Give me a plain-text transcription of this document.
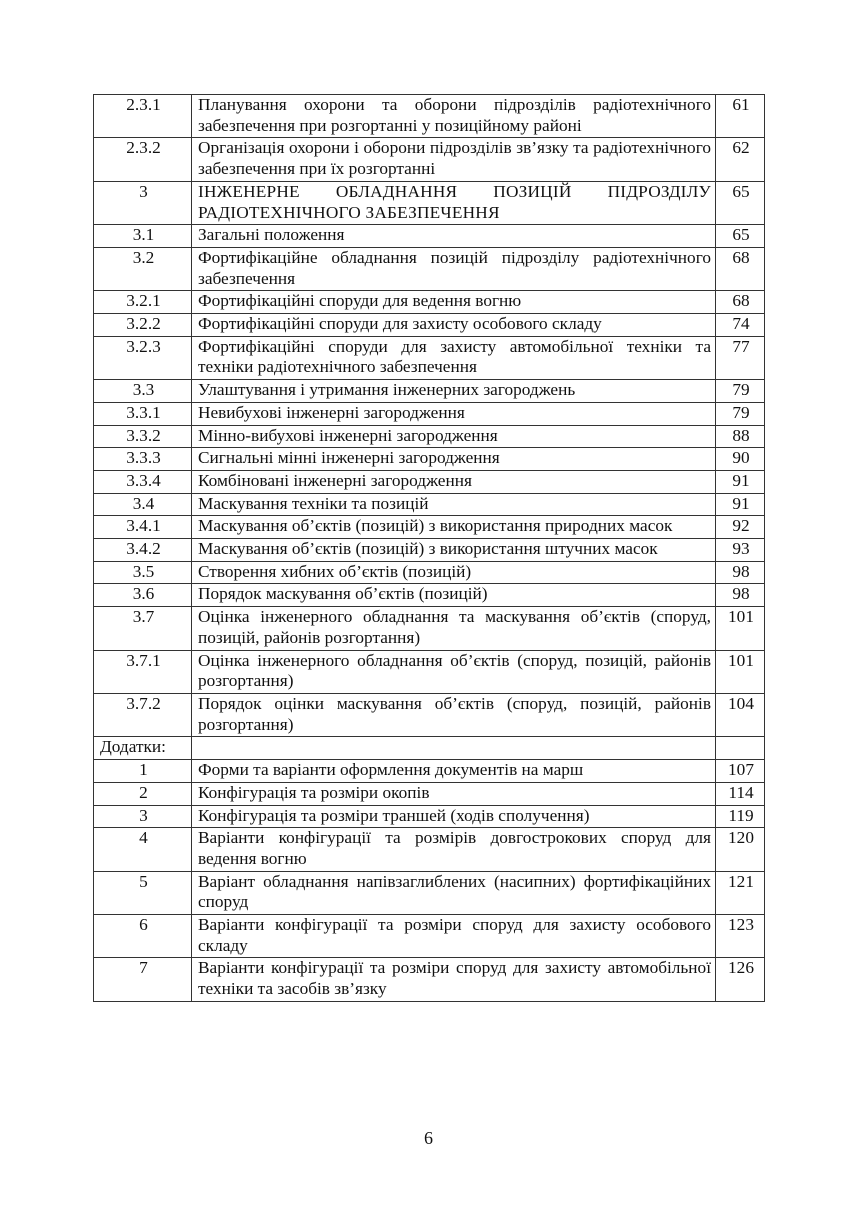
2.3.1	Планування охорони та оборони підрозділів радіотехнічного забезпечення при розгортанні у позиційному районі	61
2.3.2	Організація охорони і оборони підрозділів зв’язку та радіотехнічного забезпечення при їх розгортанні	62
3	ІНЖЕНЕРНЕ ОБЛАДНАННЯ ПОЗИЦІЙ ПІДРОЗДІЛУ РАДІОТЕХНІЧНОГО ЗАБЕЗПЕЧЕННЯ	65
3.1	Загальні положення	65
3.2	Фортифікаційне обладнання позицій підрозділу радіотехнічного забезпечення	68
3.2.1	Фортифікаційні споруди для ведення вогню	68
3.2.2	Фортифікаційні споруди для захисту особового складу	74
3.2.3	Фортифікаційні споруди для захисту автомобільної техніки та техніки радіотехнічного забезпечення	77
3.3	Улаштування і утримання інженерних загороджень	79
3.3.1	Невибухові інженерні загородження	79
3.3.2	Мінно-вибухові інженерні загородження	88
3.3.3	Сигнальні мінні інженерні загородження	90
3.3.4	Комбіновані інженерні загородження	91
3.4	Маскування техніки та позицій	91
3.4.1	Маскування об’єктів (позицій) з використання природних масок	92
3.4.2	Маскування об’єктів (позицій) з використання штучних масок	93
3.5	Створення хибних об’єктів (позицій)	98
3.6	Порядок маскування об’єктів (позицій)	98
3.7	Оцінка інженерного обладнання та маскування об’єктів (споруд, позицій, районів розгортання)	101
3.7.1	Оцінка інженерного обладнання об’єктів (споруд, позицій, районів розгортання)	101
3.7.2	Порядок оцінки маскування об’єктів (споруд, позицій, районів розгортання)	104
Додатки:		
1	Форми та варіанти оформлення документів на марш	107
2	Конфігурація та розміри окопів	114
3	Конфігурація та розміри траншей (ходів сполучення)	119
4	Варіанти конфігурації та розмірів довгострокових споруд для ведення вогню	120
5	Варіант обладнання напівзаглиблених (насипних) фортифікаційних споруд	121
6	Варіанти конфігурації та розміри споруд для захисту особового складу	123
7	Варіанти конфігурації та розміри споруд для захисту автомобільної техніки та засобів зв’язку	126
6
